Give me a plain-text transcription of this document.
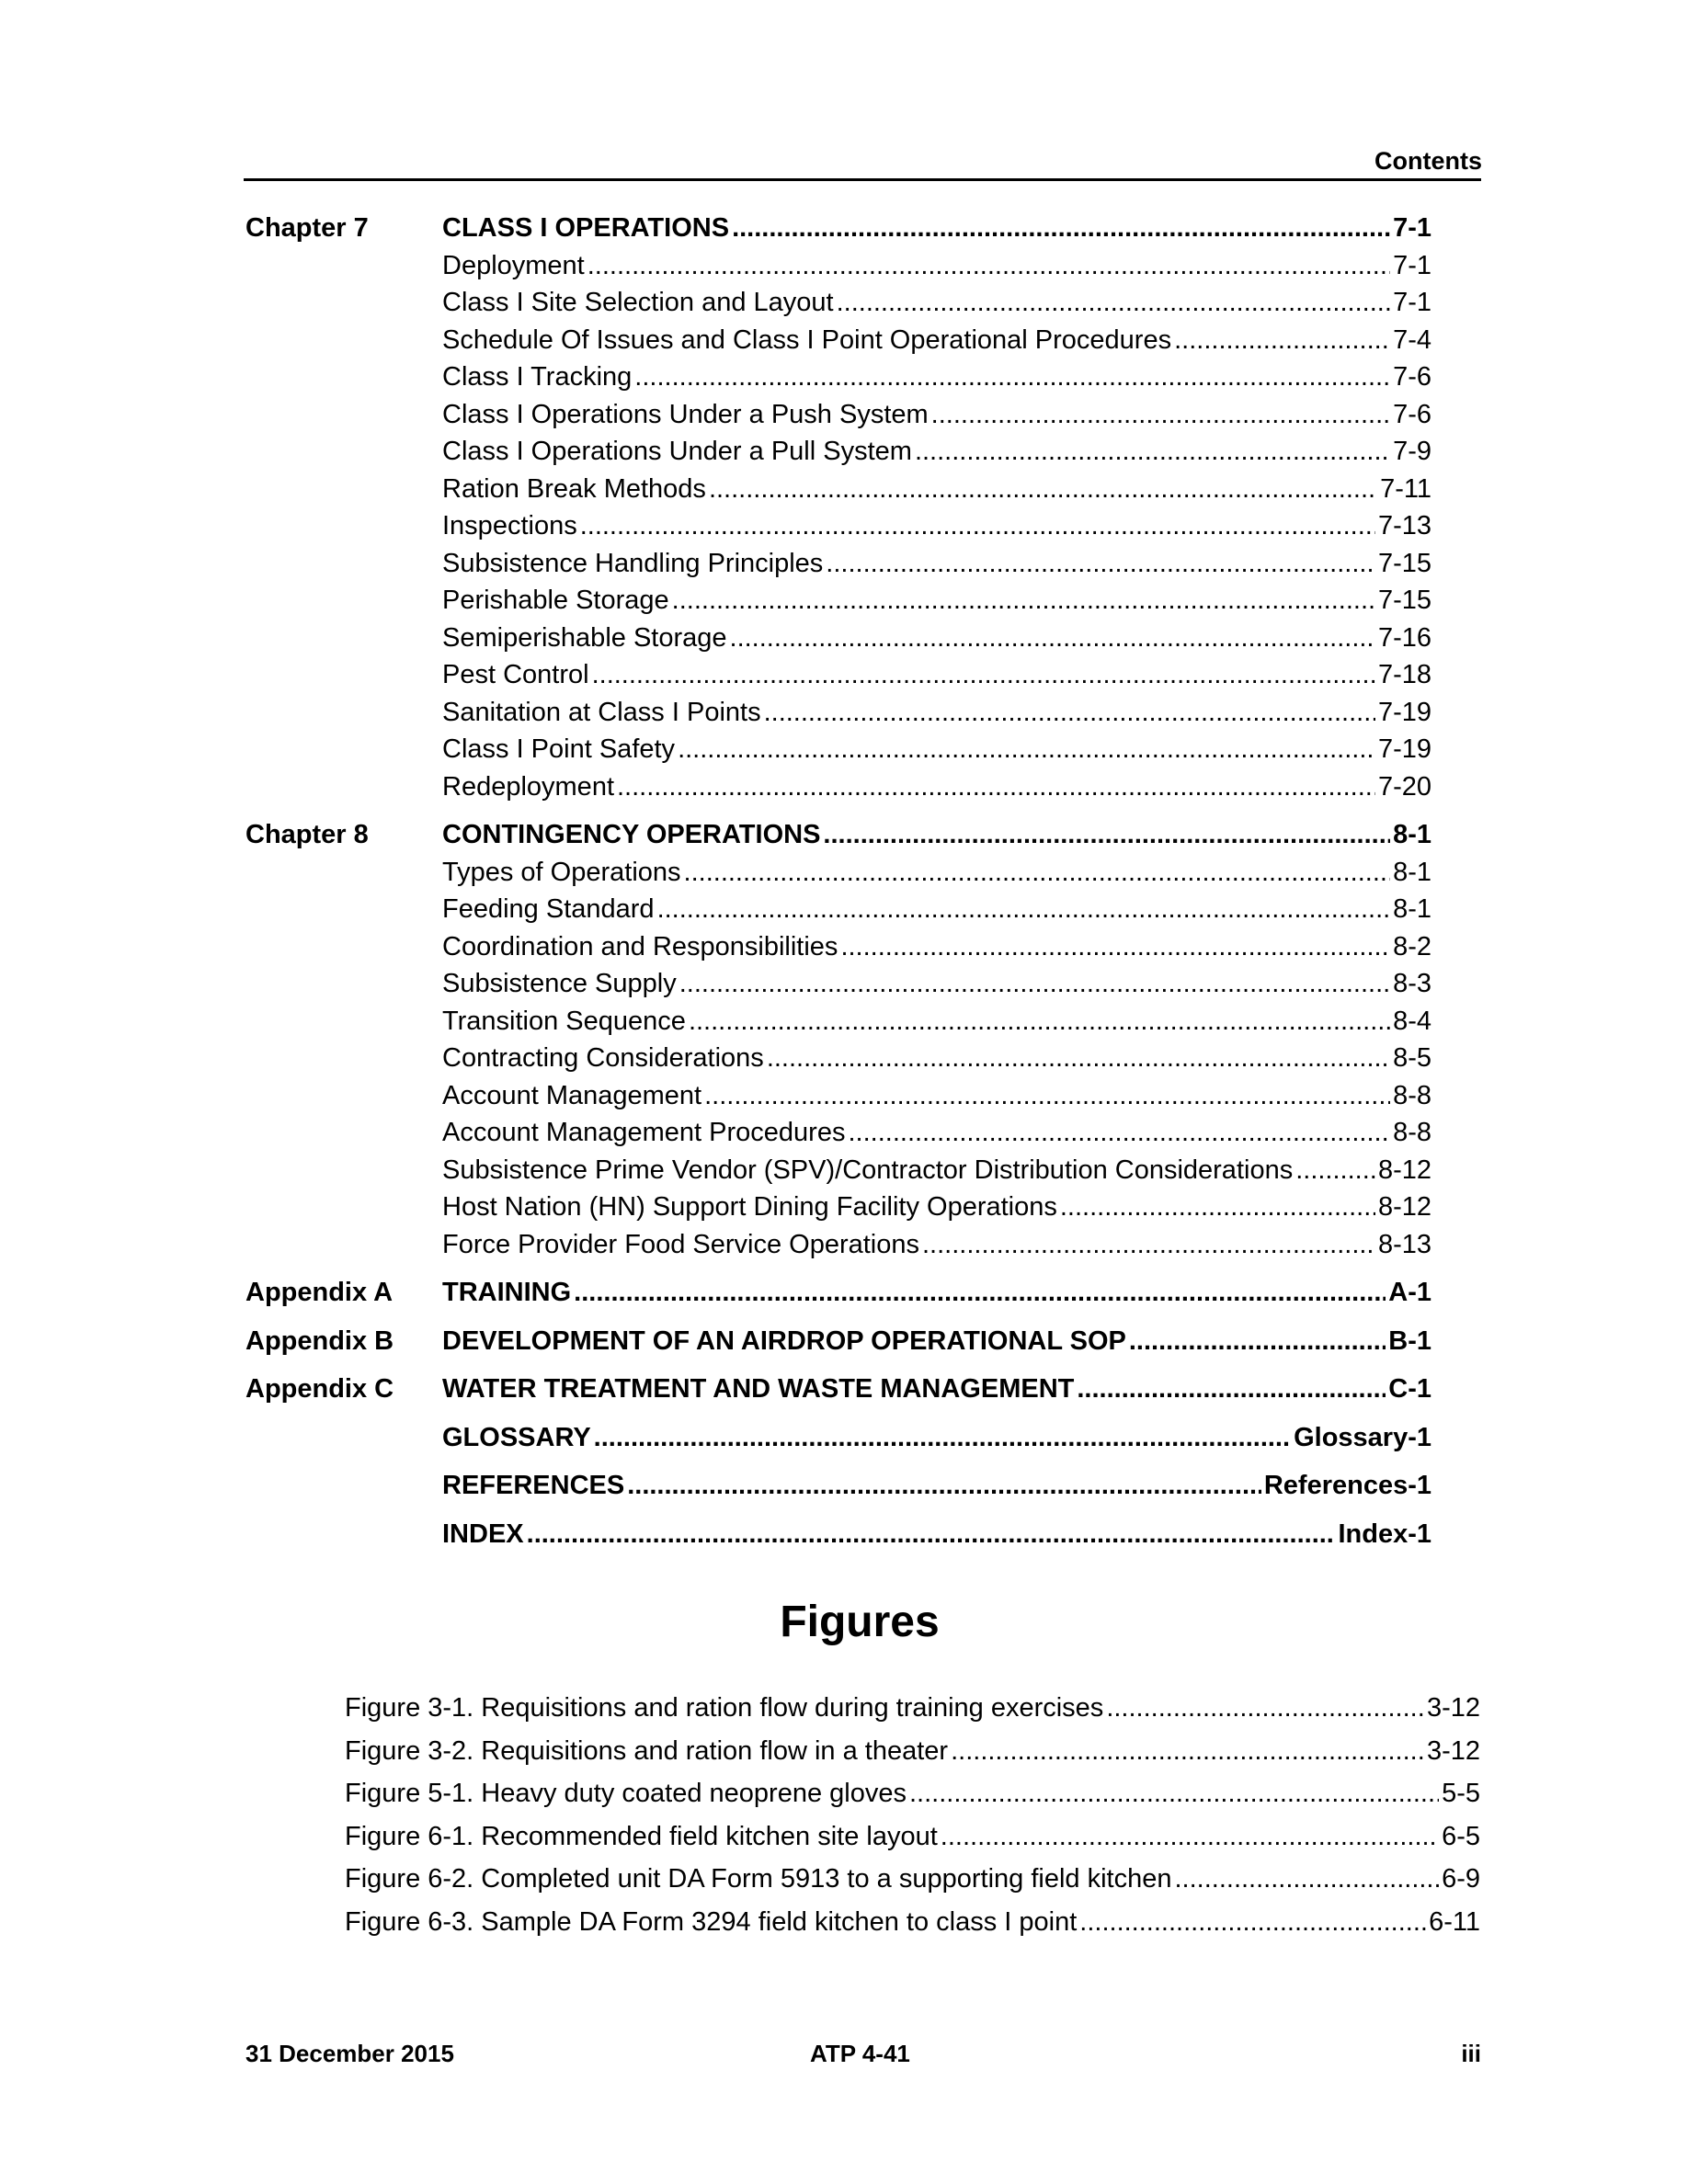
Contents
Chapter 7	CLASS I OPERATIONS .....	7-1
Deployment .....	7-1
Class I Site Selection and Layout .....	7-1
Schedule Of Issues and Class I Point Operational Procedures .....	7-4
Class I Tracking .....	7-6
Class I Operations Under a Push System .....	7-6
Class I Operations Under a Pull System .....	7-9
Ration Break Methods .....	7-11
Inspections .....	7-13
Subsistence Handling Principles .....	7-15
Perishable Storage .....	7-15
Semiperishable Storage .....	7-16
Pest Control .....	7-18
Sanitation at Class I Points .....	7-19
Class I Point Safety .....	7-19
Redeployment .....	7-20
Chapter 8	CONTINGENCY OPERATIONS .....	8-1
Types of Operations .....	8-1
Feeding Standard .....	8-1
Coordination and Responsibilities .....	8-2
Subsistence Supply .....	8-3
Transition Sequence .....	8-4
Contracting Considerations .....	8-5
Account Management .....	8-8
Account Management Procedures .....	8-8
Subsistence Prime Vendor (SPV)/Contractor Distribution Considerations .....	8-12
Host Nation (HN) Support Dining Facility Operations .....	8-12
Force Provider Food Service Operations .....	8-13
Appendix A	TRAINING .....	A-1
Appendix B	DEVELOPMENT OF AN AIRDROP OPERATIONAL SOP .....	B-1
Appendix C	WATER TREATMENT AND WASTE MANAGEMENT .....	C-1
GLOSSARY .....	Glossary-1
REFERENCES .....	References-1
INDEX .....	Index-1
Figures
Figure 3-1. Requisitions and ration flow during training exercises .....	3-12
Figure 3-2. Requisitions and ration flow in a theater .....	3-12
Figure 5-1. Heavy duty coated neoprene gloves .....	5-5
Figure 6-1. Recommended field kitchen site layout .....	6-5
Figure 6-2. Completed unit DA Form 5913 to a supporting field kitchen .....	6-9
Figure 6-3. Sample DA Form 3294 field kitchen to class I point .....	6-11
31 December 2015	ATP 4-41	iii
